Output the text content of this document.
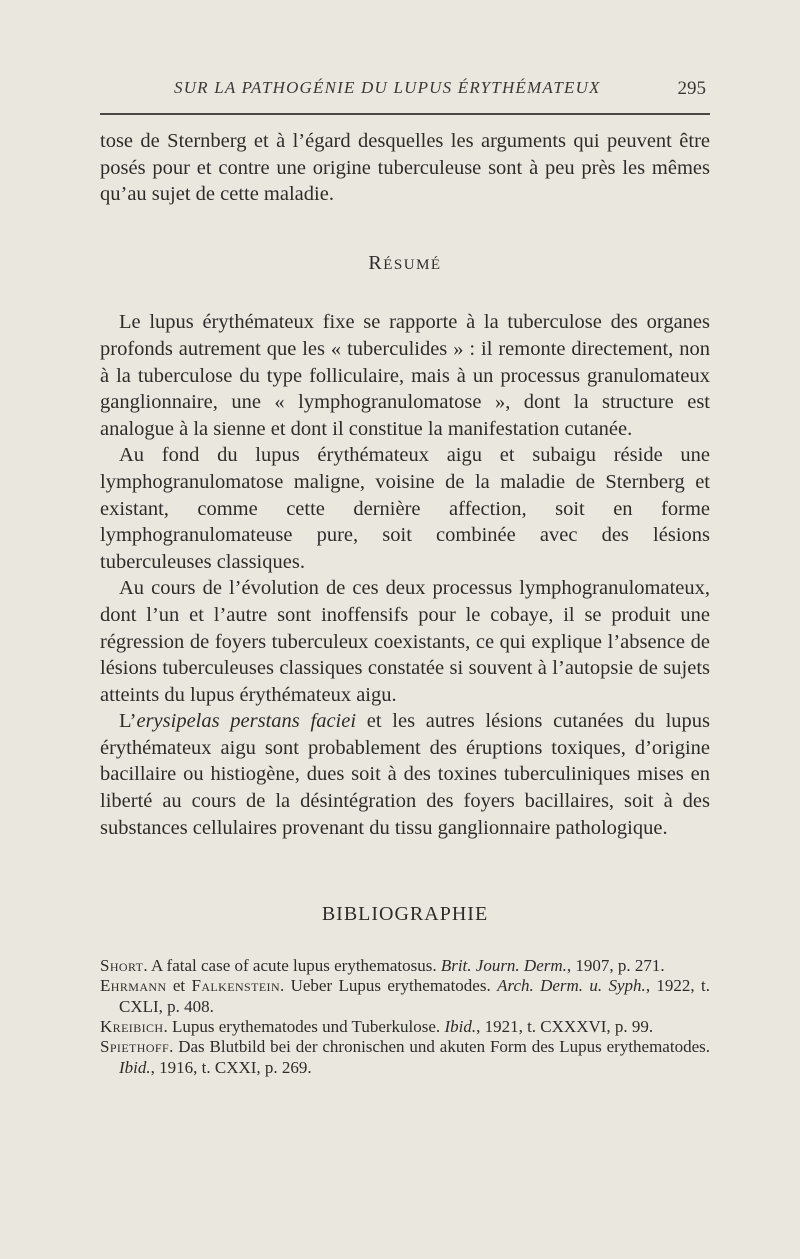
SUR LA PATHOGÉNIE DU LUPUS ÉRYTHÉMATEUX	295

tose de Sternberg et à l’égard desquelles les arguments qui peuvent être posés pour et contre une origine tuberculeuse sont à peu près les mêmes qu’au sujet de cette maladie.

RÉSUMÉ

Le lupus érythémateux fixe se rapporte à la tuberculose des organes profonds autrement que les « tuberculides » : il remonte directement, non à la tuberculose du type folliculaire, mais à un processus granulomateux ganglionnaire, une « lymphogranulomatose », dont la structure est analogue à la sienne et dont il constitue la manifestation cutanée.

Au fond du lupus érythémateux aigu et subaigu réside une lymphogranulomatose maligne, voisine de la maladie de Sternberg et existant, comme cette dernière affection, soit en forme lymphogranulomateuse pure, soit combinée avec des lésions tuberculeuses classiques.

Au cours de l’évolution de ces deux processus lymphogranulomateux, dont l’un et l’autre sont inoffensifs pour le cobaye, il se produit une régression de foyers tuberculeux coexistants, ce qui explique l’absence de lésions tuberculeuses classiques constatée si souvent à l’autopsie de sujets atteints du lupus érythémateux aigu.

L’erysipelas perstans faciei et les autres lésions cutanées du lupus érythémateux aigu sont probablement des éruptions toxiques, d’origine bacillaire ou histiogène, dues soit à des toxines tuberculiniques mises en liberté au cours de la désintégration des foyers bacillaires, soit à des substances cellulaires provenant du tissu ganglionnaire pathologique.

BIBLIOGRAPHIE

Short. A fatal case of acute lupus erythematosus. Brit. Journ. Derm., 1907, p. 271.

Ehrmann et Falkenstein. Ueber Lupus erythematodes. Arch. Derm. u. Syph., 1922, t. CXLI, p. 408.

Kreibich. Lupus erythematodes und Tuberkulose. Ibid., 1921, t. CXXXVI, p. 99.

Spiethoff. Das Blutbild bei der chronischen und akuten Form des Lupus erythematodes. Ibid., 1916, t. CXXI, p. 269.
